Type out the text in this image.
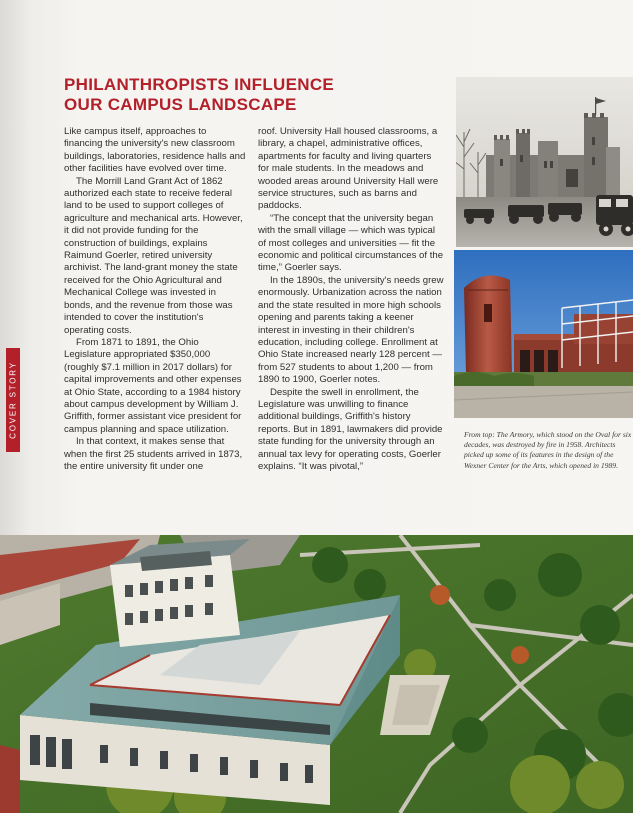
COVER STORY
PHILANTHROPISTS INFLUENCE
OUR CAMPUS LANDSCAPE

Like campus itself, approaches to financing the university's new classroom buildings, laboratories, residence halls and other facilities have evolved over time.

The Morrill Land Grant Act of 1862 authorized each state to receive federal land to be used to support colleges of agriculture and mechanical arts. However, it did not provide funding for the construction of buildings, explains Raimund Goerler, retired university archivist. The land-grant money the state received for the Ohio Agricultural and Mechanical College was invested in bonds, and the revenue from those was intended to cover the institution's operating costs.

From 1871 to 1891, the Ohio Legislature appropriated $350,000 (roughly $7.1 million in 2017 dollars) for capital improvements and other expenses at Ohio State, according to a 1984 history about campus development by William J. Griffith, former assistant vice president for campus planning and space utilization.

In that context, it makes sense that when the first 25 students arrived in 1873, the entire university fit under one

roof. University Hall housed classrooms, a library, a chapel, administrative offices, apartments for faculty and living quarters for male students. In the meadows and wooded areas around University Hall were service structures, such as barns and paddocks.

“The concept that the university began with the small village — which was typical of most colleges and universities — fit the economic and political circumstances of the time,” Goerler says.

In the 1890s, the university's needs grew enormously. Urbanization across the nation and the state resulted in more high schools opening and parents taking a keener interest in investing in their children's education, including college. Enrollment at Ohio State increased nearly 128 percent — from 527 students to about 1,200 — from 1890 to 1900, Goerler notes.

Despite the swell in enrollment, the Legislature was unwilling to finance additional buildings, Griffith's history reports. But in 1891, lawmakers did provide state funding for the university through an annual tax levy for operating costs, Goerler explains. “It was pivotal,”

From top: The Armory, which stood on the Oval for six decades, was destroyed by fire in 1958. Architects picked up some of its features in the design of the Wexner Center for the Arts, which opened in 1989.
